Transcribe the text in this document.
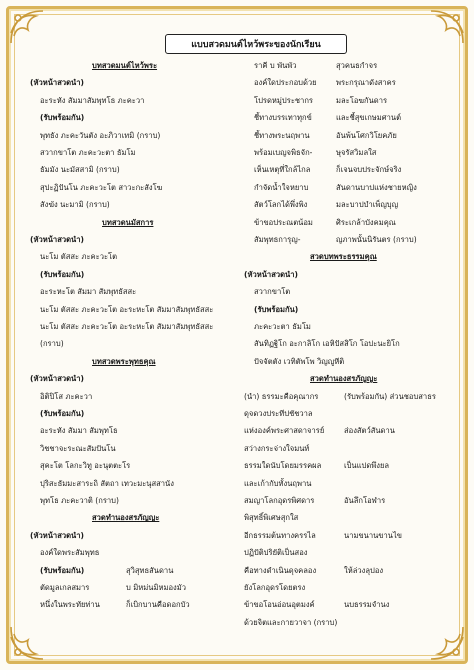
แบบสวดมนต์ไหว้พระของนักเรียน
บทสวดมนต์ไหว้พระ
(หัวหน้าสวดนำ)
อะระหัง สัมมาสัมพุทโธ ภะคะวา
(รับพร้อมกัน)
พุทธัง ภะคะวันตัง อะภิวาเทมิ (กราบ)
สวากขาโต ภะคะวะตา ธัมโม
ธัมมัง นะมัสสามิ (กราบ)
สุปะฏิปันโน ภะคะวะโต สาวะกะสังโฆ
สังฆัง นะมามิ (กราบ)
บทสวดนมัสการ
(หัวหน้าสวดนำ)
นะโม ตัสสะ ภะคะวะโต
(รับพร้อมกัน)
อะระหะโต สัมมา สัมพุทธัสสะ
นะโม ตัสสะ ภะคะวะโต อะระหะโต สัมมาสัมพุทธัสสะ
นะโม ตัสสะ ภะคะวะโต อะระหะโต สัมมาสัมพุทธัสสะ
(กราบ)
บทสวดพระพุทธคุณ
(หัวหน้าสวดนำ)
อิติปิโส ภะคะวา
(รับพร้อมกัน)
อะระหัง สัมมา สัมพุทโธ
วิชชาจะระณะสัมปันโน
สุคะโต โลกะวิทู อะนุตตะโร
ปุริสะธัมมะสาระถิ สัตถา เทวะมะนุสสานัง
พุทโธ ภะคะวาติ (กราบ)
สวดทำนองสรภัญญะ
(หัวหน้าสวดนำ)
องค์ใดพระสัมพุทธ
(รับพร้อมกัน)	สุวิสุทธสันดาน
ตัดมูลเกลสมาร	บ มิหม่นมิหมองมัว
หนึ่งในพระทัยท่าน	ก็เบิกบานคือดอกบัว
ราคี บ พันพัว	สุวคนธกำจร
องค์ใดประกอบด้วย	พระกรุณาดังสาคร
โปรดหมู่ประชากร	มละโอฆกันดาร
ชี้ทางบรรเทาทุกข์	และชี้สุขเกษมศานต์
ชี้ทางพระนฤพาน	อันพ้นโศกวิโยคภัย
พร้อมเบญจพิธจัก-	ษุจรัสวิมลใส
เห็นเหตุที่ใกล้ไกล	ก็เจนจบประจักษ์จริง
กำจัดน้ำใจหยาบ	สันดานบาปแห่งชายหญิง
สัตว์โลกได้พึ่งพิง	มละบาปบำเพ็ญบุญ
ข้าขอประณตน้อม	ศิระเกล้าบังคมคุณ
สัมพุทธการุญ-	ญภาพนั้นนิรันตร (กราบ)
สวดบทพระธรรมคุณ
(หัวหน้าสวดนำ)
สวากขาโต
(รับพร้อมกัน)
ภะคะวะตา ธัมโม
สันทิฏฐิโก อะกาลิโก เอหิปัสสิโก โอปะนะยิโก
ปัจจัตตัง เวทิตัพโพ วิญญูหีติ
สวดทำนองสรภัญญะ
(นำ) ธรรมะคือคุณากร	(รับพร้อมกัน) ส่วนชอบสาธร
ดุจดวงประทีปชัชวาล
แห่งองค์พระศาสดาจารย์	ส่องสัตว์สันดาน
สว่างกระจ่างใจมนท์
ธรรมใดนับโดยมรรคผล	เป็นแปดพึงยล
และเก้ากับทั้งนฤพาน
สมญาโลกอุดรพิศดาร	อันลึกโอฬาร
พิสุทธิ์พิเศษสุกใส
อีกธรรมต้นทางครรไล	นามขนานขานไข
ปฏิปัติปริยัติเป็นสอง
คือทางดำเนินดุจคลอง	ให้ล่วงลุปอง
ยังโลกอุดรโดยตรง
ข้าขอโอนอ่อนอุตมงค์	นบธรรมจำนง
ด้วยจิตและกายวาจา (กราบ)
